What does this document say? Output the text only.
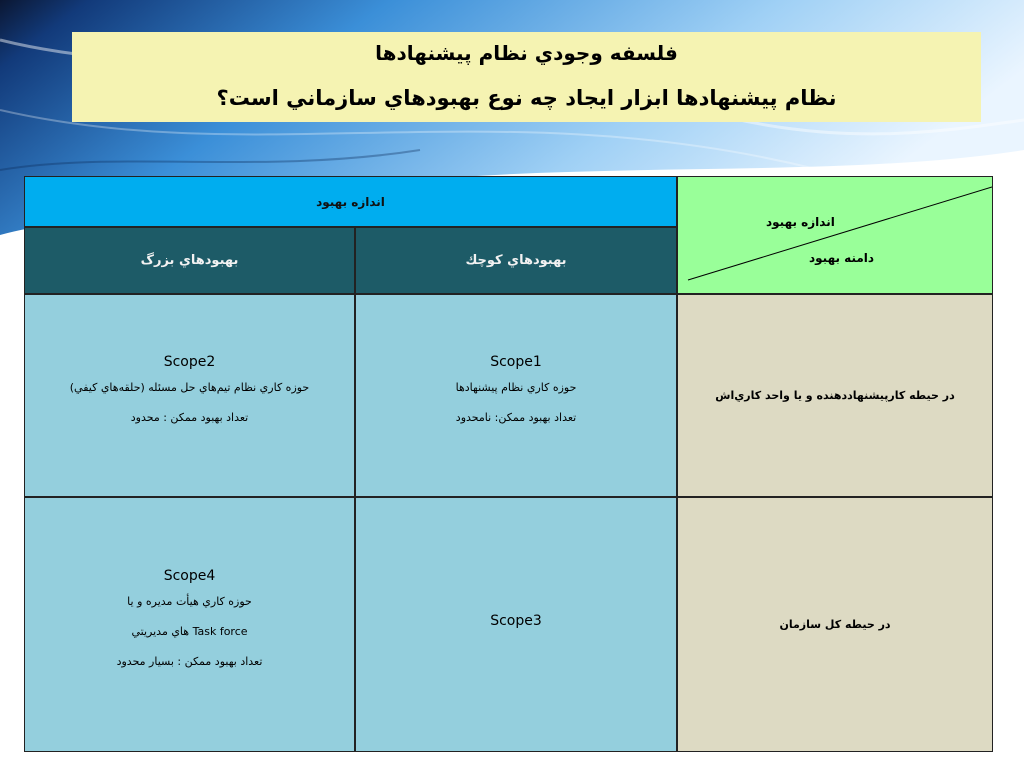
فلسفه وجودي نظام پيشنهادها
نظام پيشنهادها ابزار ايجاد چه نوع بهبودهاي سازماني است؟
اندازه بهبود
اندازه بهبود
دامنه بهبود
بهبودهاي كوچك
بهبودهاي بزرگ
Scope2
حوزه كاري نظام تيم‌هاي حل مسئله (حلقه‌هاي كيفي)
تعداد بهبود ممكن : محدود
Scope1
حوزه كاري نظام پيشنهادها
تعداد بهبود ممكن: نامحدود
در حيطه كارپيشنهاددهنده و يا واحد كاري‌اش
Scope4
حوزه كاري هيأت مديره و يا
Task force هاي مديريتي
تعداد بهبود ممكن : بسيار محدود
Scope3	در حيطه كل سازمان
